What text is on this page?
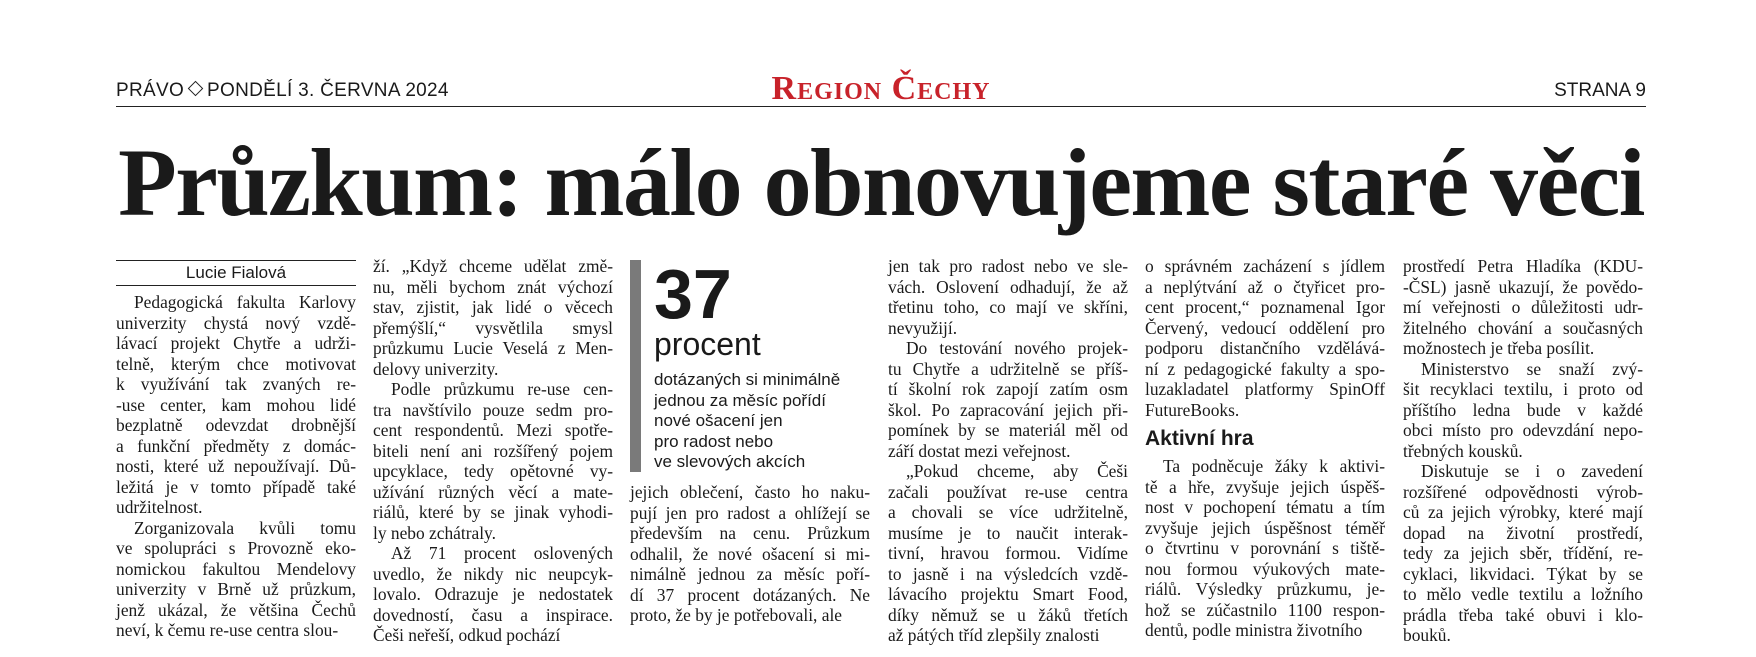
PRÁVO PONDĚLÍ 3. ČERVNA 2024	Region Čechy	STRANA 9
Průzkum: málo obnovujeme staré věci
Lucie Fialová

Pedagogická fakulta Karlovy
univerzity chystá nový vzdě-
lávací projekt Chytře a udrži-
telně, kterým chce motivovat
k využívání tak zvaných re-
-use center, kam mohou lidé
bezplatně odevzdat drobnější
a funkční předměty z domác-
nosti, které už nepoužívají. Dů-
ležitá je v tomto případě také
udržitelnost.

Zorganizovala kvůli tomu
ve spolupráci s Provozně eko-
nomickou fakultou Mendelovy
univerzity v Brně už průzkum,
jenž ukázal, že většina Čechů
neví, k čemu re-use centra slou-

ží. „Když chceme udělat změ-
nu, měli bychom znát výchozí
stav, zjistit, jak lidé o věcech
přemýšlí,“ vysvětlila smysl
průzkumu Lucie Veselá z Men-
delovy univerzity.

Podle průzkumu re-use cen-
tra navštívilo pouze sedm pro-
cent respondentů. Mezi spotře-
biteli není ani rozšířený pojem
upcyklace, tedy opětovné vy-
užívání různých věcí a mate-
riálů, které by se jinak vyhodi-
ly nebo zchátraly.

Až 71 procent oslovených
uvedlo, že nikdy nic neupcyk-
lovalo. Odrazuje je nedostatek
dovedností, času a inspirace.
Češi neřeší, odkud pochází

37
procent
dotázaných si minimálně
jednou za měsíc pořídí
nové ošacení jen
pro radost nebo
ve slevových akcích

jejich oblečení, často ho naku-
pují jen pro radost a ohlížejí se
především na cenu. Průzkum
odhalil, že nové ošacení si mi-
nimálně jednou za měsíc poří-
dí 37 procent dotázaných. Ne
proto, že by je potřebovali, ale

jen tak pro radost nebo ve sle-
vách. Oslovení odhadují, že až
třetinu toho, co mají ve skříni,
nevyužijí.

Do testování nového projek-
tu Chytře a udržitelně se příš-
tí školní rok zapojí zatím osm
škol. Po zapracování jejich při-
pomínek by se materiál měl od
září dostat mezi veřejnost.

„Pokud chceme, aby Češi
začali používat re-use centra
a chovali se více udržitelně,
musíme je to naučit interak-
tivní, hravou formou. Vidíme
to jasně i na výsledcích vzdě-
lávacího projektu Smart Food,
díky němuž se u žáků třetích
až pátých tříd zlepšily znalosti

o správném zacházení s jídlem
a neplýtvání až o čtyřicet pro-
cent procent,“ poznamenal Igor
Červený, vedoucí oddělení pro
podporu distančního vzdělává-
ní z pedagogické fakulty a spo-
luzakladatel platformy SpinOff
FutureBooks.

Aktivní hra

Ta podněcuje žáky k aktivi-
tě a hře, zvyšuje jejich úspěš-
nost v pochopení tématu a tím
zvyšuje jejich úspěšnost téměř
o čtvrtinu v porovnání s tiště-
nou formou výukových mate-
riálů. Výsledky průzkumu, je-
hož se zúčastnilo 1100 respon-
dentů, podle ministra životního

prostředí Petra Hladíka (KDU-
-ČSL) jasně ukazují, že povědo-
mí veřejnosti o důležitosti udr-
žitelného chování a současných
možnostech je třeba posílit.

Ministerstvo se snaží zvý-
šit recyklaci textilu, i proto od
příštího ledna bude v každé
obci místo pro odevzdání nepo-
třebných kousků.

Diskutuje se i o zavedení
rozšířené odpovědnosti výrob-
ců za jejich výrobky, které mají
dopad na životní prostředí,
tedy za jejich sběr, třídění, re-
cyklaci, likvidaci. Týkat by se
to mělo vedle textilu a ložního
prádla třeba také obuvi i klo-
bouků.
